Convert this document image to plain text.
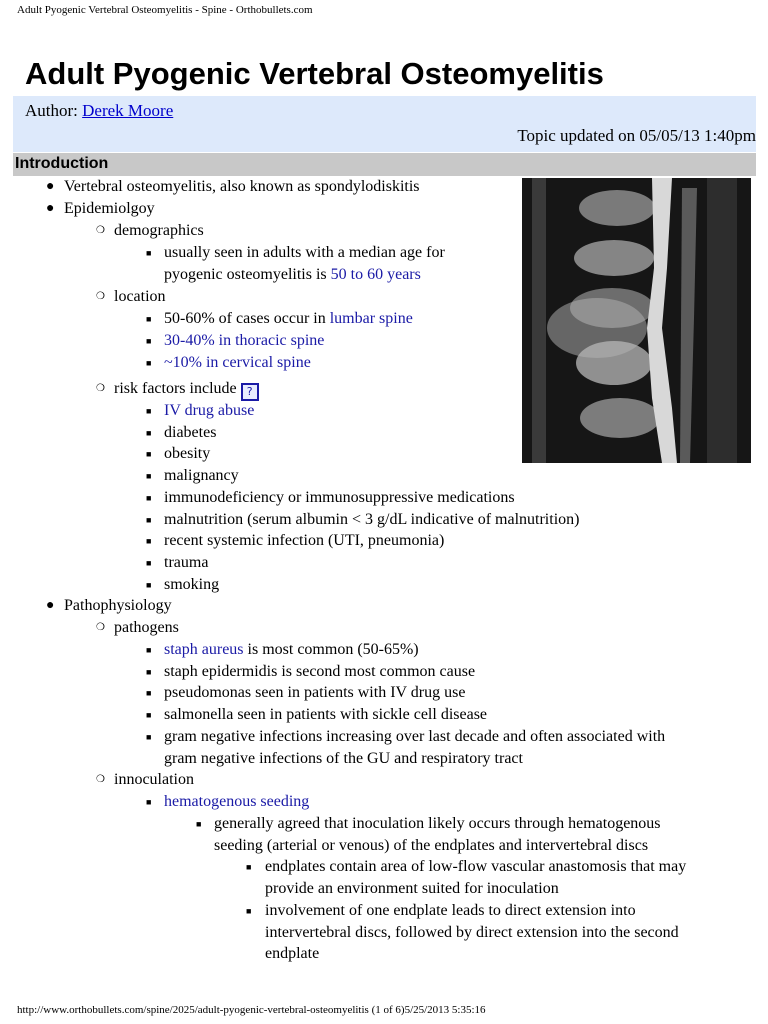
Adult Pyogenic Vertebral Osteomyelitis - Spine - Orthobullets.com
Adult Pyogenic Vertebral Osteomyelitis
Author: Derek Moore
Topic updated on 05/05/13 1:40pm
Introduction
● Vertebral osteomyelitis, also known as spondylodiskitis
● Epidemiolgoy
❍ demographics
■ usually seen in adults with a median age for
pyogenic osteomyelitis is 50 to 60 years
❍ location
■ 50-60% of cases occur in lumbar spine
■ 30-40% in thoracic spine
■ ~10% in cervical spine
❍ risk factors include ?
■ IV drug abuse
■ diabetes
■ obesity
■ malignancy
■ immunodeficiency or immunosuppressive medications
■ malnutrition (serum albumin < 3 g/dL indicative of malnutrition)
■ recent systemic infection (UTI, pneumonia)
■ trauma
■ smoking
● Pathophysiology
❍ pathogens
■ staph aureus is most common (50-65%)
■ staph epidermidis is second most common cause
■ pseudomonas seen in patients with IV drug use
■ salmonella seen in patients with sickle cell disease
■ gram negative infections increasing over last decade and often associated with
gram negative infections of the GU and respiratory tract
❍ innoculation
■ hematogenous seeding
■ generally agreed that inoculation likely occurs through hematogenous
seeding (arterial or venous) of the endplates and intervertebral discs
■ endplates contain area of low-flow vascular anastomosis that may
provide an environment suited for inoculation
■ involvement of one endplate leads to direct extension into
intervertebral discs, followed by direct extension into the second
endplate
http://www.orthobullets.com/spine/2025/adult-pyogenic-vertebral-osteomyelitis (1 of 6)5/25/2013 5:35:16
